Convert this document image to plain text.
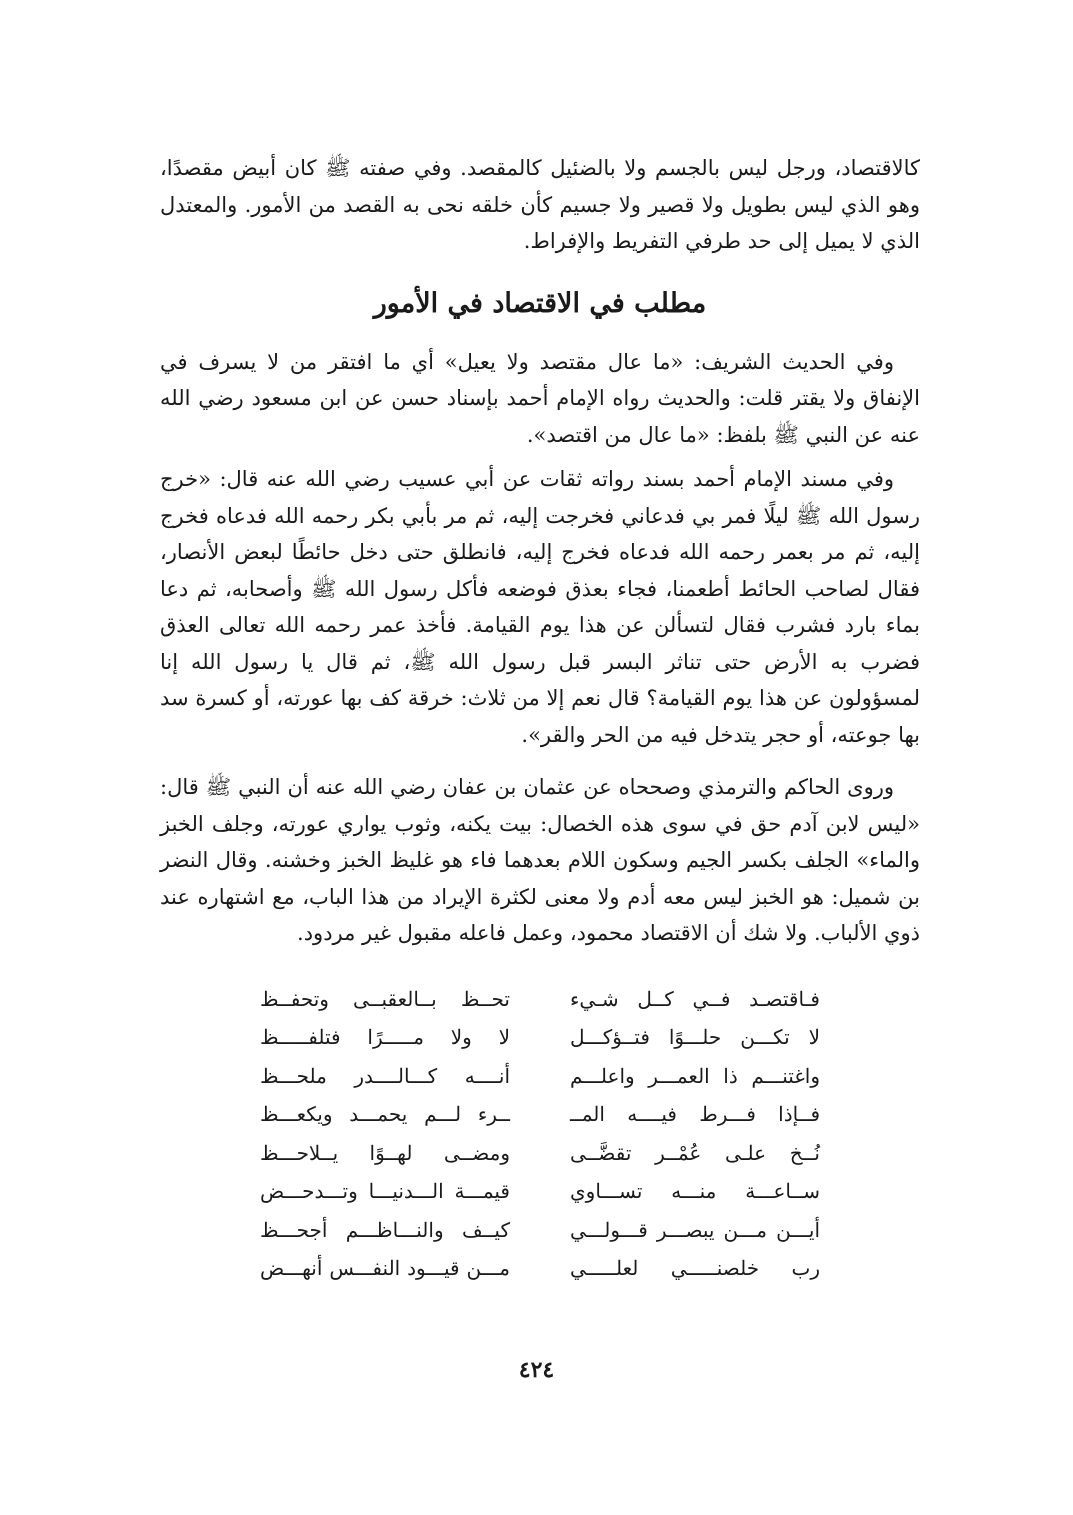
كالاقتصاد، ورجل ليس بالجسم ولا بالضئيل كالمقصد. وفي صفته ﷺ كان أبيض مقصدًا، وهو الذي ليس بطويل ولا قصير ولا جسيم كأن خلقه نحى به القصد من الأمور. والمعتدل الذي لا يميل إلى حد طرفي التفريط والإفراط.

مطلب في الاقتصاد في الأمور

وفي الحديث الشريف: «ما عال مقتصد ولا يعيل» أي ما افتقر من لا يسرف في الإنفاق ولا يقتر قلت: والحديث رواه الإمام أحمد بإسناد حسن عن ابن مسعود رضي الله عنه عن النبي ﷺ بلفظ: «ما عال من اقتصد».

وفي مسند الإمام أحمد بسند رواته ثقات عن أبي عسيب رضي الله عنه قال: «خرج رسول الله ﷺ ليلًا فمر بي فدعاني فخرجت إليه، ثم مر بأبي بكر رحمه الله فدعاه فخرج إليه، ثم مر بعمر رحمه الله فدعاه فخرج إليه، فانطلق حتى دخل حائطًا لبعض الأنصار، فقال لصاحب الحائط أطعمنا، فجاء بعذق فوضعه فأكل رسول الله ﷺ وأصحابه، ثم دعا بماء بارد فشرب فقال لتسألن عن هذا يوم القيامة. فأخذ عمر رحمه الله تعالى العذق فضرب به الأرض حتى تناثر البسر قبل رسول الله ﷺ، ثم قال يا رسول الله إنا لمسؤولون عن هذا يوم القيامة؟ قال نعم إلا من ثلاث: خرقة كف بها عورته، أو كسرة سد بها جوعته، أو حجر يتدخل فيه من الحر والقر».

وروى الحاكم والترمذي وصححاه عن عثمان بن عفان رضي الله عنه أن النبي ﷺ قال: «ليس لابن آدم حق في سوى هذه الخصال: بيت يكنه، وثوب يواري عورته، وجلف الخبز والماء» الجلف بكسر الجيم وسكون اللام بعدهما فاء هو غليظ الخبز وخشنه. وقال النضر بن شميل: هو الخبز ليس معه أدم ولا معنى لكثرة الإيراد من هذا الباب، مع اشتهاره عند ذوي الألباب. ولا شك أن الاقتصاد محمود، وعمل فاعله مقبول غير مردود.

فـاقتصـد فــي كــل شـيء
تحــظ بــالعقبــى وتحفــظ
لا تكـــن حلـــوًا فتــؤكـــل
لا ولا مـــــرًا فتلفـــــظ
واغتنـــم ذا العمـــر واعلـــم
أنــــه كـــالــــدر ملحـــظ
فــإذا فـــرط فيــــه المــ
ــرء لـــم يحمـــد ويكعـــظ
نُــخ علـى عُمْــر تقضَّــى
ومضــى لهــوًا يــلاحـــظ
ســاعـــة منـــه تســـاوي
قيمـــة الـــدنيـــا وتـــدحـــض
أيـــن مـــن يبصـــر قـــولـــي
كيــف والنـــاظـــم أجحـــظ
رب خلصنـــــي لعلـــــي
مـــن قيـــود النفـــس أنهـــض
٤٢٤
